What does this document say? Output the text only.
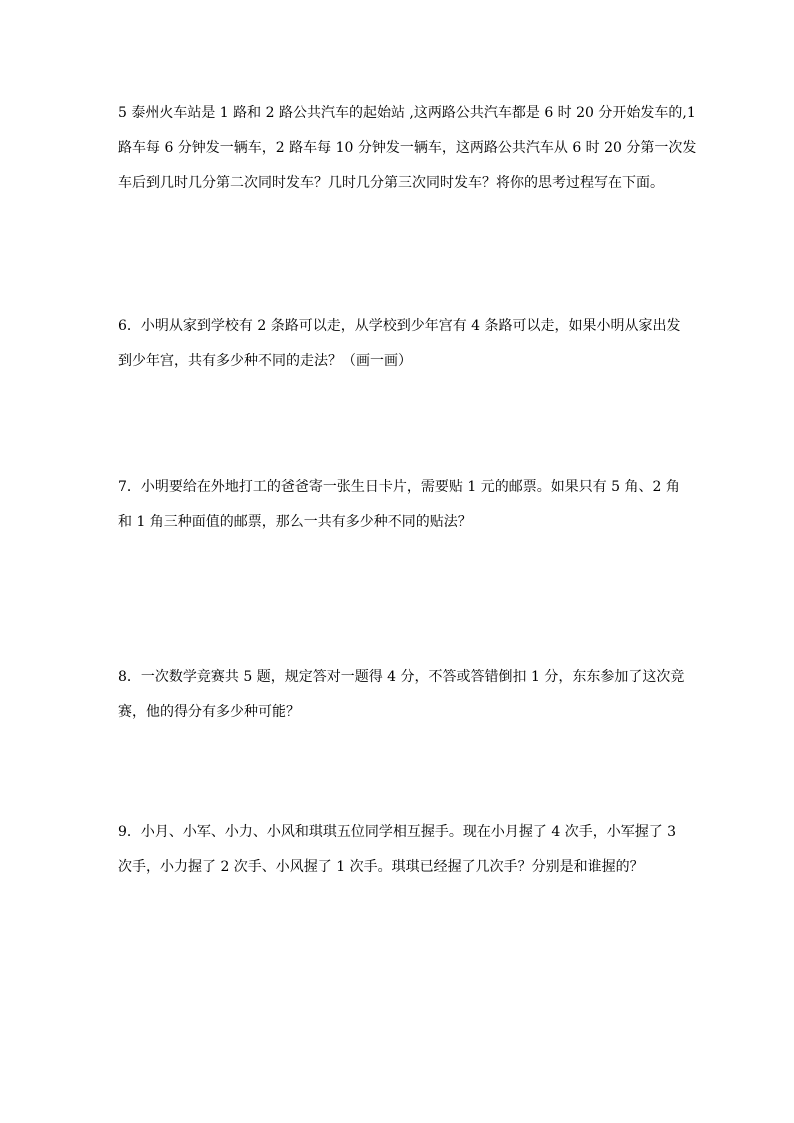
5 泰州火车站是 1 路和 2 路公共汽车的起始站 ,这两路公共汽车都是 6 时 20 分开始发车的,1
路车每 6 分钟发一辆车，2 路车每 10 分钟发一辆车，这两路公共汽车从 6 时 20 分第一次发
车后到几时几分第二次同时发车？几时几分第三次同时发车？将你的思考过程写在下面。
6．小明从家到学校有 2 条路可以走，从学校到少年宫有 4 条路可以走，如果小明从家出发
到少年宫，共有多少种不同的走法？（画一画）
7．小明要给在外地打工的爸爸寄一张生日卡片，需要贴 1 元的邮票。如果只有 5 角、2 角
和 1 角三种面值的邮票，那么一共有多少种不同的贴法？
8．一次数学竞赛共 5 题，规定答对一题得 4 分，不答或答错倒扣 1 分，东东参加了这次竞
赛，他的得分有多少种可能？
9．小月、小军、小力、小风和琪琪五位同学相互握手。现在小月握了 4 次手，小军握了 3
次手，小力握了 2 次手、小风握了 1 次手。琪琪已经握了几次手？分别是和谁握的？
